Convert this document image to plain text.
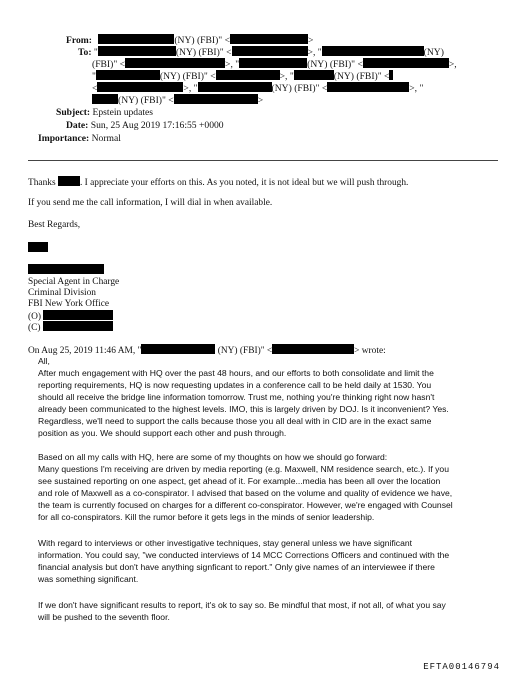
From:	(NY) (FBI)" <	>
To: "	(NY) (FBI)" <	>, "	(NY)
(FBI)" <	>, "	(NY) (FBI)" <	>,
"	(NY) (FBI)" <	>, "	(NY) (FBI)" <
<	>, "	(NY) (FBI)" <	>, "
(NY) (FBI)" <	>
Subject: Epstein updates
Date: Sun, 25 Aug 2019 17:16:55 +0000
Importance: Normal
Thanks	. I appreciate your efforts on this. As you noted, it is not ideal but we will push through.
If you send me the call information, I will dial in when available.
Best Regards,
Special Agent in Charge
Criminal Division
FBI New York Office
(O)
(C)
On Aug 25, 2019 11:46 AM, "	(NY) (FBI)" <	> wrote:
All,
After much engagement with HQ over the past 48 hours, and our efforts to both consolidate and limit the
reporting requirements, HQ is now requesting updates in a conference call to be held daily at 1530. You
should all receive the bridge line information tomorrow. Trust me, nothing you're thinking right now hasn't
already been communicated to the highest levels. IMO, this is largely driven by DOJ. Is it inconvenient? Yes.
Regardless, we'll need to support the calls because those you all deal with in CID are in the exact same
position as you. We should support each other and push through.
Based on all my calls with HQ, here are some of my thoughts on how we should go forward:
Many questions I'm receiving are driven by media reporting (e.g. Maxwell, NM residence search, etc.). If you
see sustained reporting on one aspect, get ahead of it. For example...media has been all over the location
and role of Maxwell as a co-conspirator. I advised that based on the volume and quality of evidence we have,
the team is currently focused on charges for a different co-conspirator. However, we're engaged with Counsel
for all co-conspirators. Kill the rumor before it gets legs in the minds of senior leadership.
With regard to interviews or other investigative techniques, stay general unless we have significant
information. You could say, "we conducted interviews of 14 MCC Corrections Officers and continued with the
financial analysis but don't have anything signficant to report." Only give names of an interviewee if there
was something significant.
If we don't have significant results to report, it's ok to say so. Be mindful that most, if not all, of what you say
will be pushed to the seventh floor.
EFTA00146794
